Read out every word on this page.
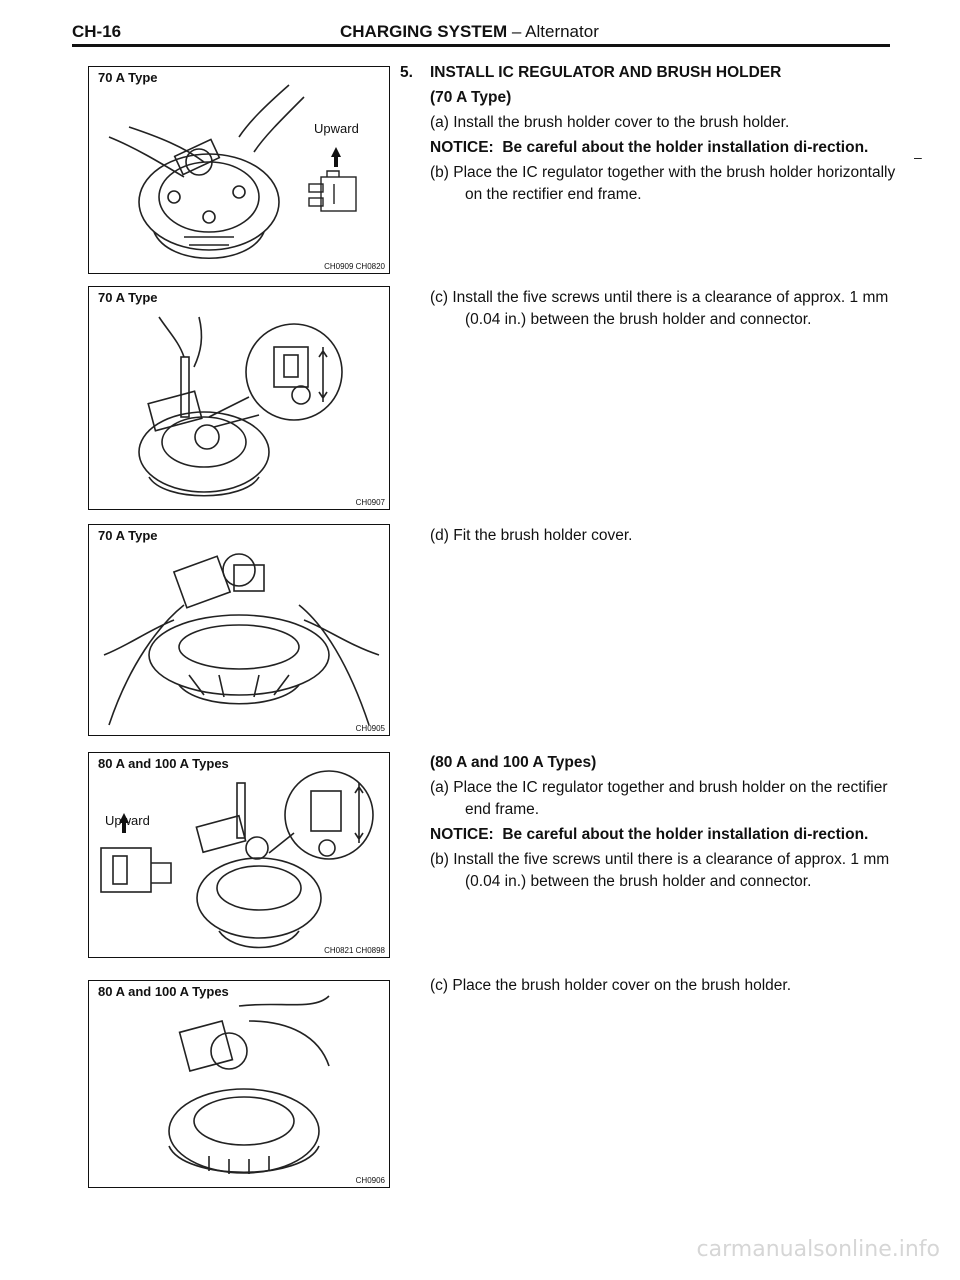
CH-16	CHARGING SYSTEM – Alternator
70 A Type
Upward
CH0909 CH0820
70 A Type
CH0907
70 A Type
CH0905
80 A and 100 A Types
Upward
CH0821 CH0898
80 A and 100 A Types
CH0906
5.	INSTALL IC REGULATOR AND BRUSH HOLDER
(70 A Type)
(a) Install the brush holder cover to the brush holder.
NOTICE: Be careful about the holder installation di-rection.
(b) Place the IC regulator together with the brush holder horizontally on the rectifier end frame.
(c) Install the five screws until there is a clearance of approx. 1 mm (0.04 in.) between the brush holder and connector.
(d) Fit the brush holder cover.
(80 A and 100 A Types)
(a) Place the IC regulator together and brush holder on the rectifier end frame.
NOTICE: Be careful about the holder installation di-rection.
(b) Install the five screws until there is a clearance of approx. 1 mm (0.04 in.) between the brush holder and connector.
(c) Place the brush holder cover on the brush holder.
–
carmanualsonline.info
